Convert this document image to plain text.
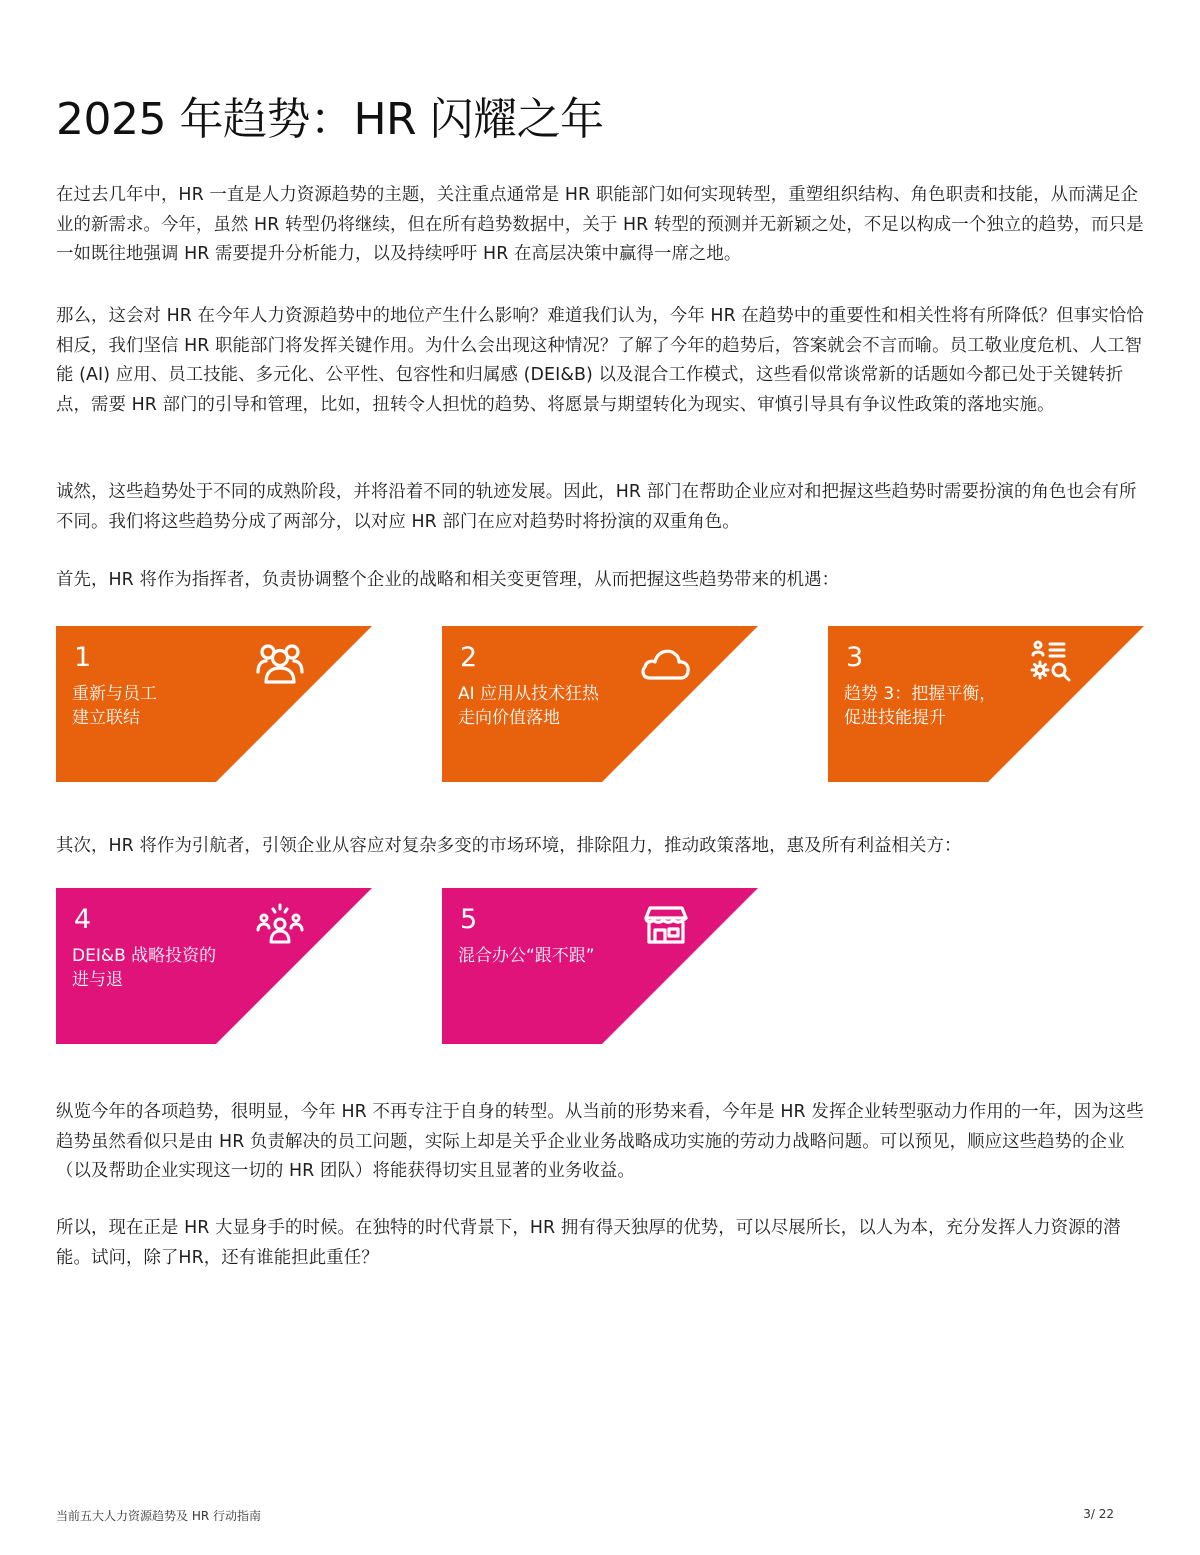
2025 年趋势：HR 闪耀之年

在过去几年中，HR 一直是人力资源趋势的主题，关注重点通常是 HR 职能部门如何实现转型，重塑组织结构、角色职责和技能，从而满足企业的新需求。今年，虽然 HR 转型仍将继续，但在所有趋势数据中，关于 HR 转型的预测并无新颖之处，不足以构成一个独立的趋势，而只是一如既往地强调 HR 需要提升分析能力，以及持续呼吁 HR 在高层决策中赢得一席之地。

那么，这会对 HR 在今年人力资源趋势中的地位产生什么影响？难道我们认为，今年 HR 在趋势中的重要性和相关性将有所降低？但事实恰恰相反，我们坚信 HR 职能部门将发挥关键作用。为什么会出现这种情况？了解了今年的趋势后，答案就会不言而喻。员工敬业度危机、人工智能 (AI) 应用、员工技能、多元化、公平性、包容性和归属感 (DEI&B) 以及混合工作模式，这些看似常谈常新的话题如今都已处于关键转折点，需要 HR 部门的引导和管理，比如，扭转令人担忧的趋势、将愿景与期望转化为现实、审慎引导具有争议性政策的落地实施。

诚然，这些趋势处于不同的成熟阶段，并将沿着不同的轨迹发展。因此，HR 部门在帮助企业应对和把握这些趋势时需要扮演的角色也会有所不同。我们将这些趋势分成了两部分，以对应 HR 部门在应对趋势时将扮演的双重角色。

首先，HR 将作为指挥者，负责协调整个企业的战略和相关变更管理，从而把握这些趋势带来的机遇：

1
重新与员工
建立联结
2
AI 应用从技术狂热
走向价值落地
3
趋势 3：把握平衡，
促进技能提升

其次，HR 将作为引航者，引领企业从容应对复杂多变的市场环境，排除阻力，推动政策落地，惠及所有利益相关方：

4
DEI&B 战略投资的
进与退
5
混合办公“跟不跟”

纵览今年的各项趋势，很明显，今年 HR 不再专注于自身的转型。从当前的形势来看，今年是 HR 发挥企业转型驱动力作用的一年，因为这些趋势虽然看似只是由 HR 负责解决的员工问题，实际上却是关乎企业业务战略成功实施的劳动力战略问题。可以预见，顺应这些趋势的企业（以及帮助企业实现这一切的 HR 团队）将能获得切实且显著的业务收益。

所以，现在正是 HR 大显身手的时候。在独特的时代背景下，HR 拥有得天独厚的优势，可以尽展所长，以人为本，充分发挥人力资源的潜能。试问，除了HR，还有谁能担此重任？

当前五大人力资源趋势及 HR 行动指南	3/ 22
